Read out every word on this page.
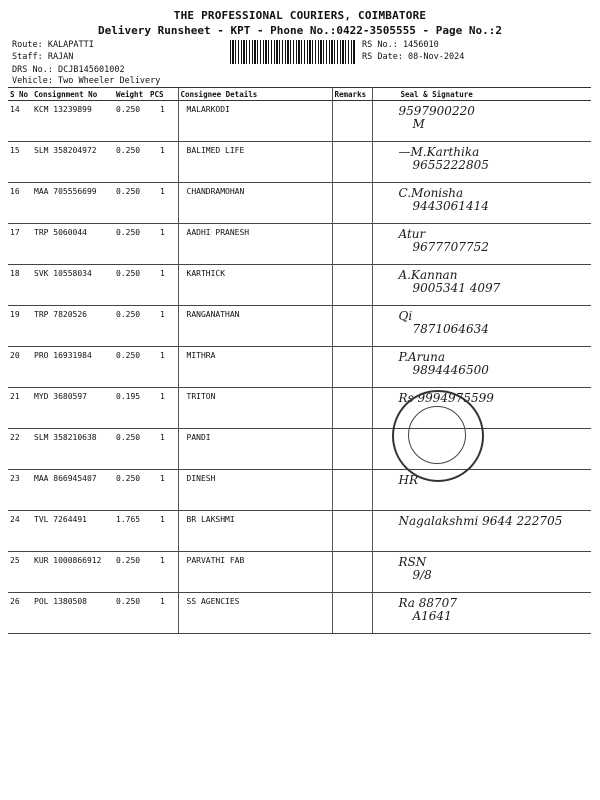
THE PROFESSIONAL COURIERS, COIMBATORE
Delivery Runsheet - KPT - Phone No.:0422-3505555 - Page No.:2
Route: KALAPATTI
Staff: RAJAN
DRS No.: DCJB145601002
Vehicle: Two Wheeler Delivery
RS No.: 1456010
RS Date: 08-Nov-2024
S No	Consignment No	Weight	PCS	Consignee Details	Remarks	Seal & Signature
14	KCM 13239899	0.250	1	MALARKODI		9597900220
M

15	SLM 358204972	0.250	1	BALIMED LIFE		—M.Karthika
9655222805

16	MAA 705556699	0.250	1	CHANDRAMOHAN		C.Monisha
9443061414

17	TRP 5060044	0.250	1	AADHI PRANESH		Atur
9677707752

18	SVK 10558034	0.250	1	KARTHICK		A.Kannan
9005341 4097

19	TRP 7820526	0.250	1	RANGANATHAN		Qi
7871064634

20	PRO 16931984	0.250	1	MITHRA		P.Aruna
9894446500

21	MYD 3680597	0.195	1	TRITON		Rs 9994975599

22	SLM 358210638	0.250	1	PANDI		

23	MAA 866945407	0.250	1	DINESH		HR

24	TVL 7264491	1.765	1	BR LAKSHMI		Nagalakshmi 9644 222705

25	KUR 1000866912	0.250	1	PARVATHI FAB		RSN
9/8

26	POL 1380508	0.250	1	SS AGENCIES		Ra 88707
A1641
